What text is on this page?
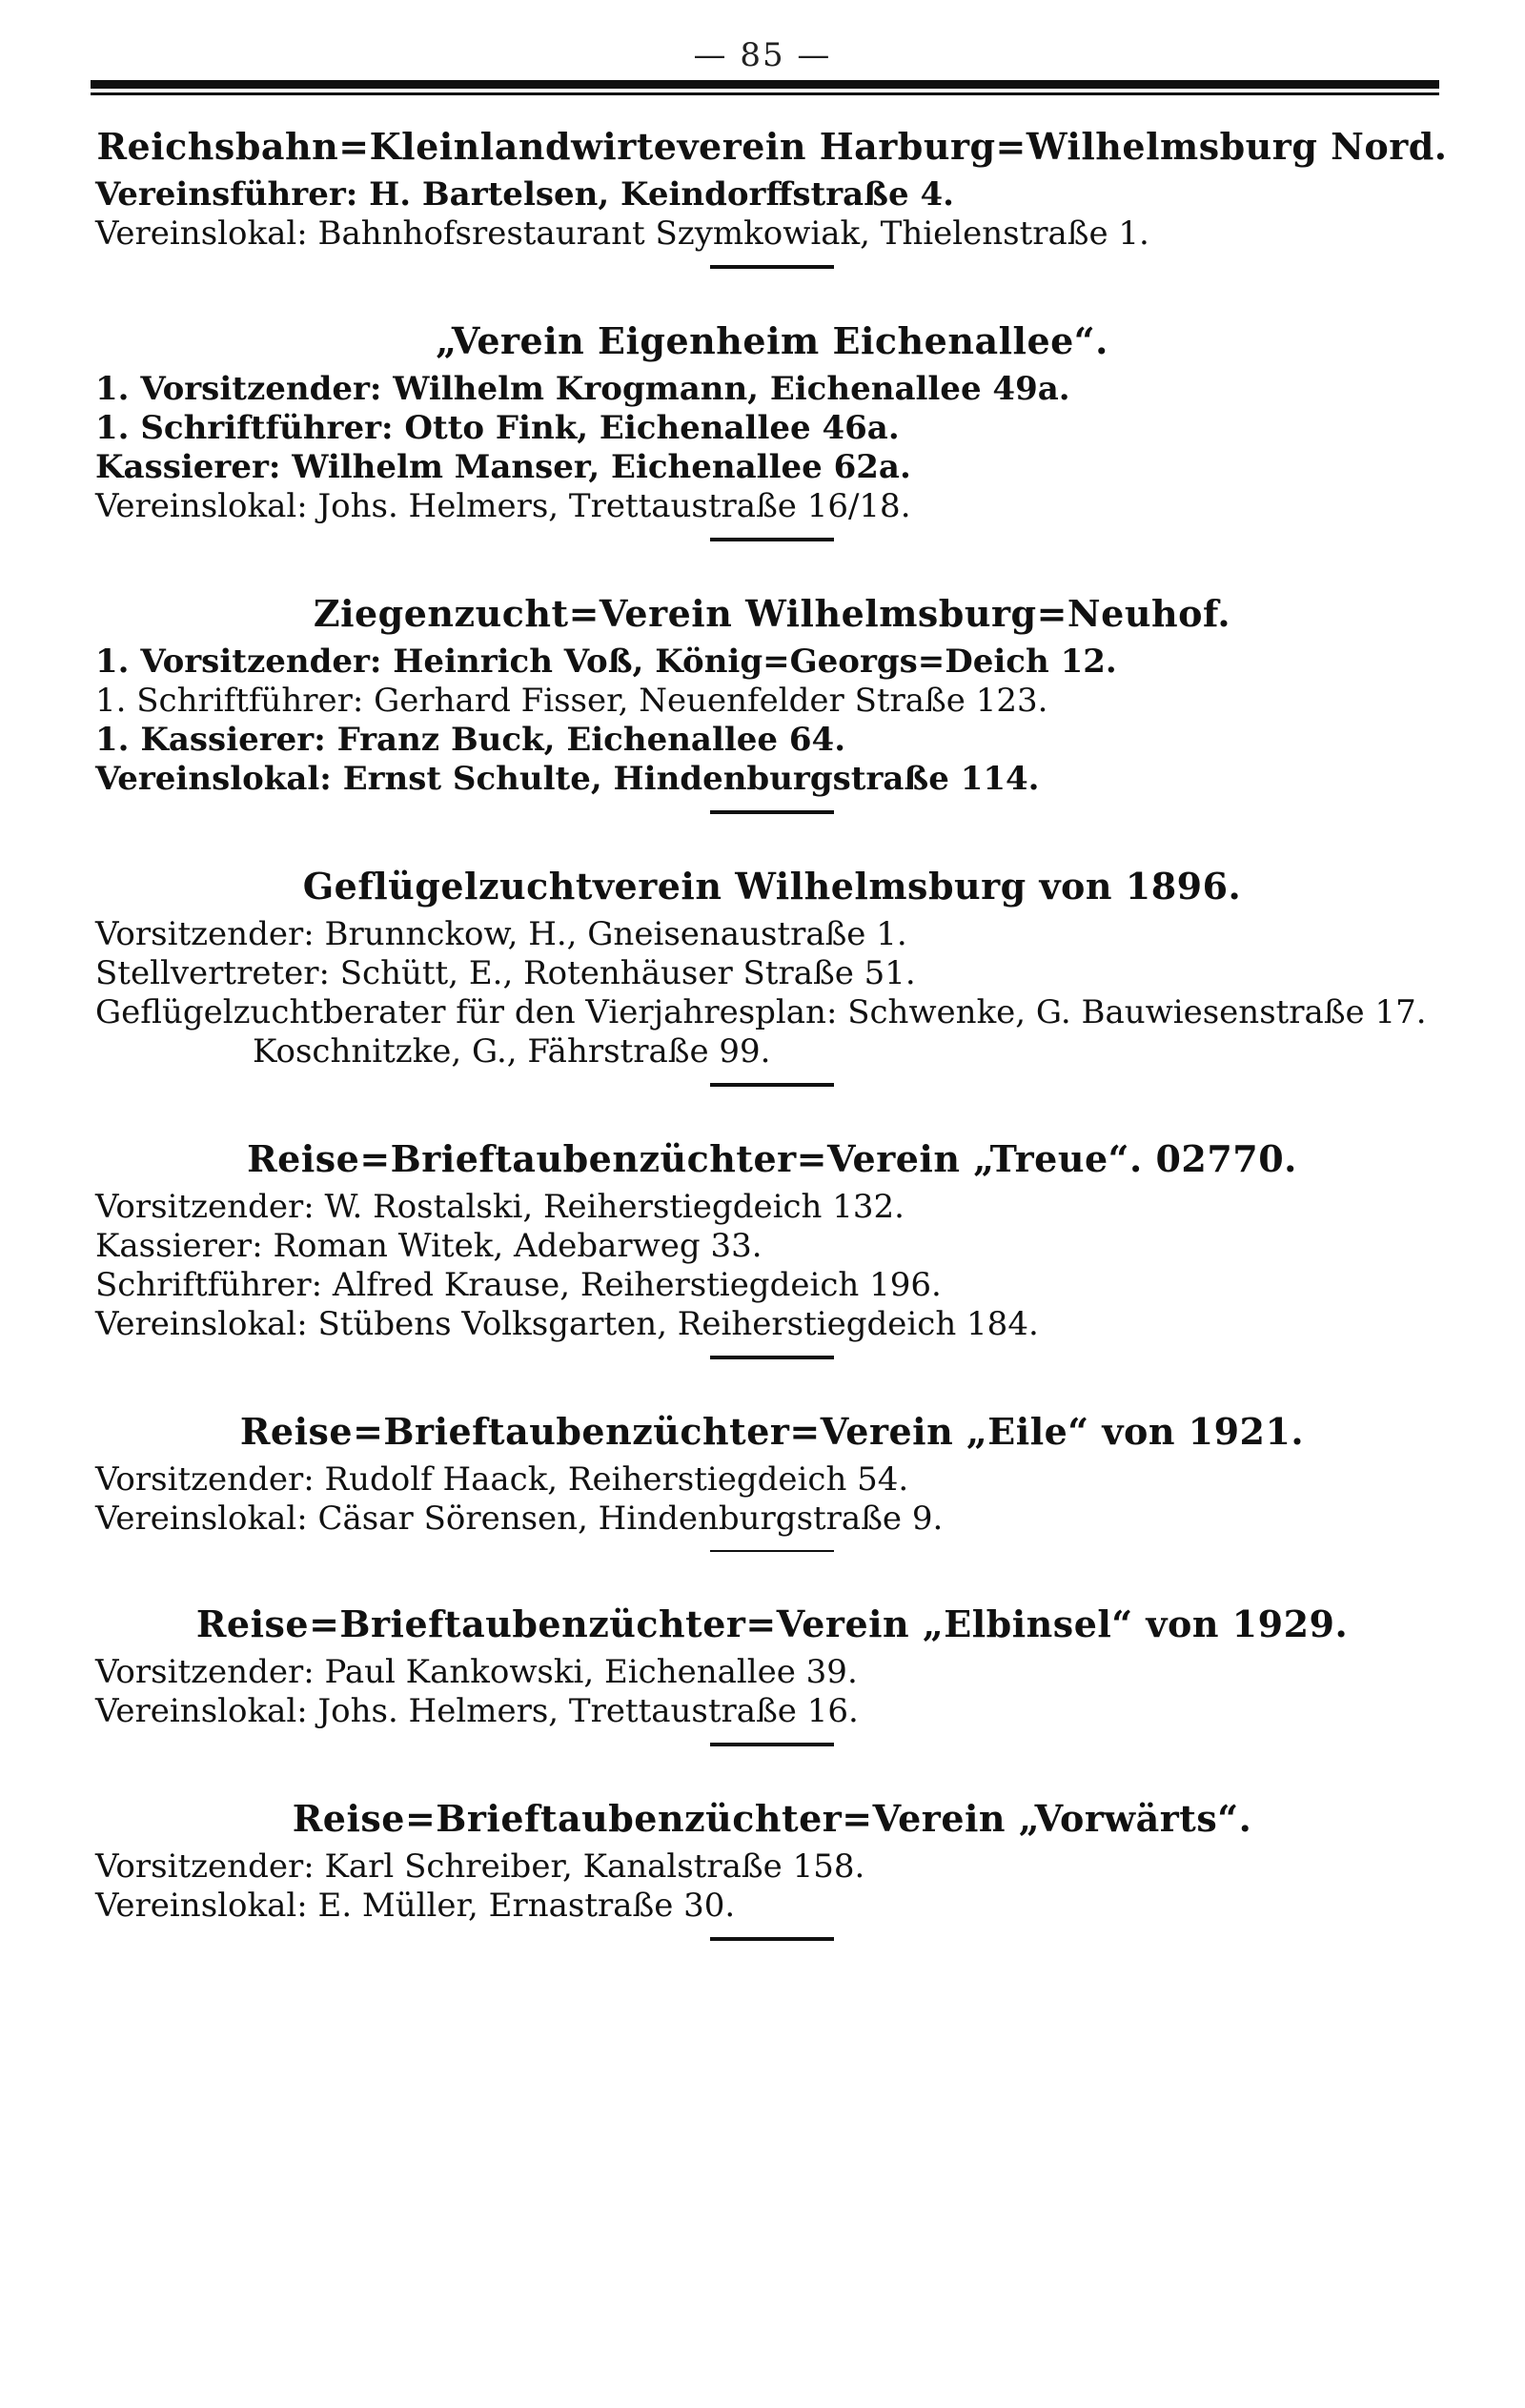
— 85 —
Reichsbahn=Kleinlandwirteverein Harburg=Wilhelmsburg Nord.
Vereinsführer: H. Bartelsen, Keindorffstraße 4.
Vereinslokal: Bahnhofsrestaurant Szymkowiak, Thielenstraße 1.
„Verein Eigenheim Eichenallee“.
1. Vorsitzender: Wilhelm Krogmann, Eichenallee 49a.
1. Schriftführer: Otto Fink, Eichenallee 46a.
Kassierer: Wilhelm Manser, Eichenallee 62a.
Vereinslokal: Johs. Helmers, Trettaustraße 16/18.
Ziegenzucht=Verein Wilhelmsburg=Neuhof.
1. Vorsitzender: Heinrich Voß, König=Georgs=Deich 12.
1. Schriftführer: Gerhard Fisser, Neuenfelder Straße 123.
1. Kassierer: Franz Buck, Eichenallee 64.
Vereinslokal: Ernst Schulte, Hindenburgstraße 114.
Geflügelzuchtverein Wilhelmsburg von 1896.
Vorsitzender: Brunnckow, H., Gneisenaustraße 1.
Stellvertreter: Schütt, E., Rotenhäuser Straße 51.
Geflügelzuchtberater für den Vierjahresplan: Schwenke, G. Bauwiesenstraße 17.
Koschnitzke, G., Fährstraße 99.
Reise=Brieftaubenzüchter=Verein „Treue“. 02770.
Vorsitzender: W. Rostalski, Reiherstiegdeich 132.
Kassierer: Roman Witek, Adebarweg 33.
Schriftführer: Alfred Krause, Reiherstiegdeich 196.
Vereinslokal: Stübens Volksgarten, Reiherstiegdeich 184.
Reise=Brieftaubenzüchter=Verein „Eile“ von 1921.
Vorsitzender: Rudolf Haack, Reiherstiegdeich 54.
Vereinslokal: Cäsar Sörensen, Hindenburgstraße 9.
Reise=Brieftaubenzüchter=Verein „Elbinsel“ von 1929.
Vorsitzender: Paul Kankowski, Eichenallee 39.
Vereinslokal: Johs. Helmers, Trettaustraße 16.
Reise=Brieftaubenzüchter=Verein „Vorwärts“.
Vorsitzender: Karl Schreiber, Kanalstraße 158.
Vereinslokal: E. Müller, Ernastraße 30.
